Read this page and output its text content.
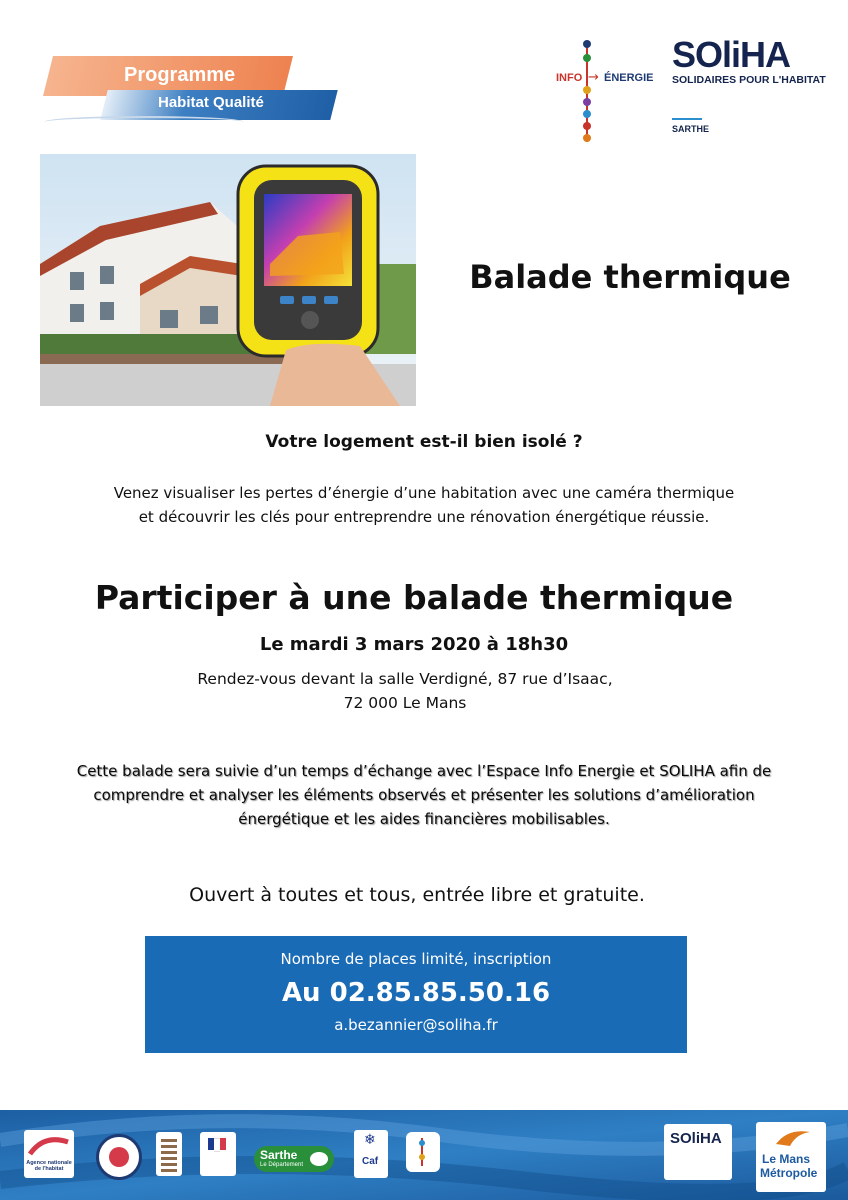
Programme
Habitat Qualité
INFO → ÉNERGIE
SOliHA
SOLIDAIRES POUR L'HABITAT
SARTHE
Balade thermique
Votre logement est-il bien isolé ?
Venez visualiser les pertes d’énergie d’une habitation avec une caméra thermique
et découvrir les clés pour entreprendre une rénovation énergétique réussie.
Participer à une balade thermique
Le mardi 3 mars 2020 à 18h30
Rendez-vous devant la salle Verdigné, 87 rue d’Isaac,
72 000 Le Mans
Cette balade sera suivie d’un temps d’échange avec l’Espace Info Energie et SOLIHA afin de
comprendre et analyser les éléments observés et présenter les solutions d’amélioration
énergétique et les aides financières mobilisables.
Ouvert à toutes et tous, entrée libre et gratuite.
Nombre de places limité, inscription
Au 02.85.85.50.16
a.bezannier@soliha.fr
Agence nationale de l'habitat
Sarthe
Le Département
❄
Caf
SOliHA
Le Mans
Métropole
